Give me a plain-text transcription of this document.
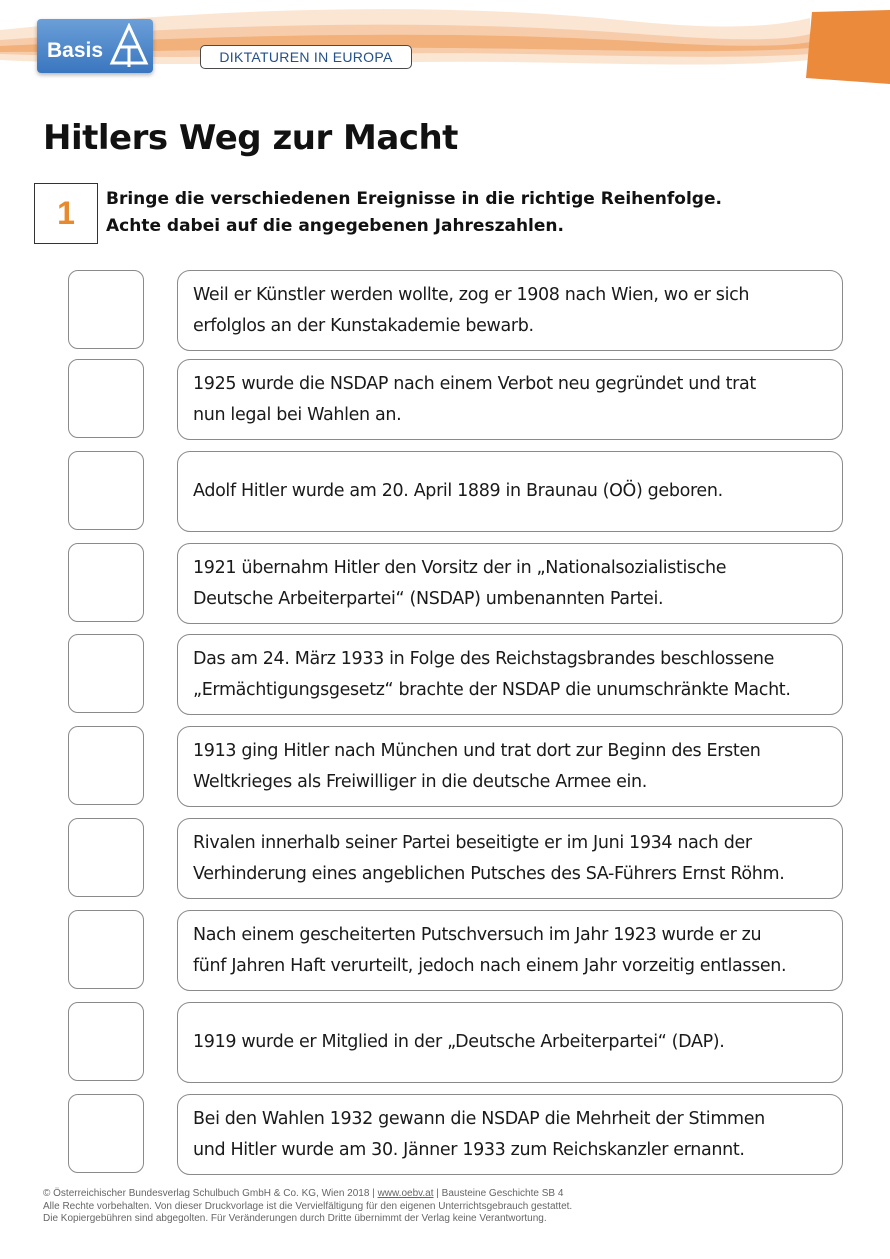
Basis	DIKTATUREN IN EUROPA
Hitlers Weg zur Macht
1	Bringe die verschiedenen Ereignisse in die richtige Reihenfolge.
Achte dabei auf die angegebenen Jahreszahlen.
Weil er Künstler werden wollte, zog er 1908 nach Wien, wo er sich
erfolglos an der Kunstakademie bewarb.
1925 wurde die NSDAP nach einem Verbot neu gegründet und trat
nun legal bei Wahlen an.
Adolf Hitler wurde am 20. April 1889 in Braunau (OÖ) geboren.
1921 übernahm Hitler den Vorsitz der in „Nationalsozialistische
Deutsche Arbeiterpartei“ (NSDAP) umbenannten Partei.
Das am 24. März 1933 in Folge des Reichstagsbrandes beschlossene
„Ermächtigungsgesetz“ brachte der NSDAP die unumschränkte Macht.
1913 ging Hitler nach München und trat dort zur Beginn des Ersten
Weltkrieges als Freiwilliger in die deutsche Armee ein.
Rivalen innerhalb seiner Partei beseitigte er im Juni 1934 nach der
Verhinderung eines angeblichen Putsches des SA-Führers Ernst Röhm.
Nach einem gescheiterten Putschversuch im Jahr 1923 wurde er zu
fünf Jahren Haft verurteilt, jedoch nach einem Jahr vorzeitig entlassen.
1919 wurde er Mitglied in der „Deutsche Arbeiterpartei“ (DAP).
Bei den Wahlen 1932 gewann die NSDAP die Mehrheit der Stimmen
und Hitler wurde am 30. Jänner 1933 zum Reichskanzler ernannt.
© Österreichischer Bundesverlag Schulbuch GmbH & Co. KG, Wien 2018 | www.oebv.at | Bausteine Geschichte SB 4
Alle Rechte vorbehalten. Von dieser Druckvorlage ist die Vervielfältigung für den eigenen Unterrichtsgebrauch gestattet.
Die Kopiergebühren sind abgegolten. Für Veränderungen durch Dritte übernimmt der Verlag keine Verantwortung.
